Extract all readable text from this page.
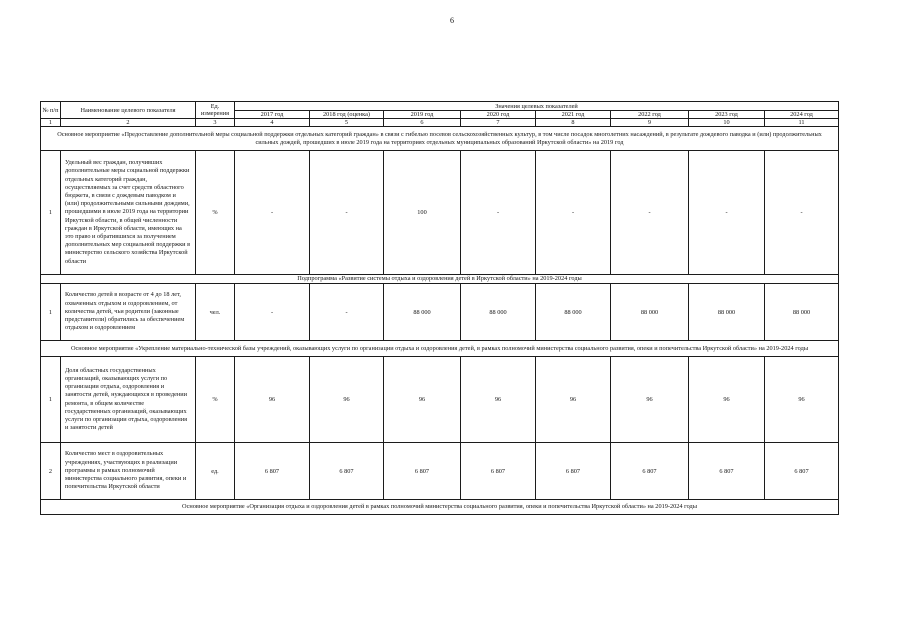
6
№ п/п	Наименование целевого показателя	Ед. измерения	Значения целевых показателей							
			2017 год	2018 год (оценка)	2019 год	2020 год	2021 год	2022 год	2023 год	2024 год
1	2	3	4	5	6	7	8	9	10	11
Основное мероприятие «Предоставление дополнительной меры социальной поддержки отдельных категорий граждан» в связи с гибелью посевов сельскохозяйственных культур, в том числе посадок многолетних насаждений, в результате дождевого паводка и (или) продолжительных сильных дождей, прошедших в июле 2019 года на территориях отдельных муниципальных образований Иркутской области» на 2019 год										
1	Удельный вес граждан, получивших дополнительные меры социальной поддержки отдельных категорий граждан, осуществляемых за счет средств областного бюджета, в связи с дождевым паводком и (или) продолжительными сильными дождями, прошедшими в июле 2019 года на территории Иркутской области, в общей численности граждан в Иркутской области, имеющих на это право и обратившихся за получением дополнительных мер социальной поддержки в министерство сельского хозяйства Иркутской области	%	-	-	100	-	-	-	-	-
Подпрограмма «Развитие системы отдыха и оздоровления детей в Иркутской области» на 2019-2024 годы										
1	Количество детей в возрасте от 4 до 18 лет, охваченных отдыхом и оздоровлением, от количества детей, чьи родители (законные представители) обратились за обеспечением отдыхом и оздоровлением	чел.	-	-	88 000	88 000	88 000	88 000	88 000	88 000
Основное мероприятие «Укрепление материально-технической базы учреждений, оказывающих услуги по организации отдыха и оздоровления детей, в рамках полномочий министерства социального развития, опеки и попечительства Иркутской области» на 2019-2024 годы										
1	Доля областных государственных организаций, оказывающих услуги по организации отдыха, оздоровления и занятости детей, нуждающихся в проведении ремонта, в общем количестве государственных организаций, оказывающих услуги по организации отдыха, оздоровления и занятости детей	%	96	96	96	96	96	96	96	96
2	Количество мест в оздоровительных учреждениях, участвующих в реализации программы в рамках полномочий министерства социального развития, опеки и попечительства Иркутской области	ед.	6 807	6 807	6 807	6 807	6 807	6 807	6 807	6 807
Основное мероприятие «Организация отдыха и оздоровления детей в рамках полномочий министерства социального развития, опеки и попечительства Иркутской области» на 2019-2024 годы										
